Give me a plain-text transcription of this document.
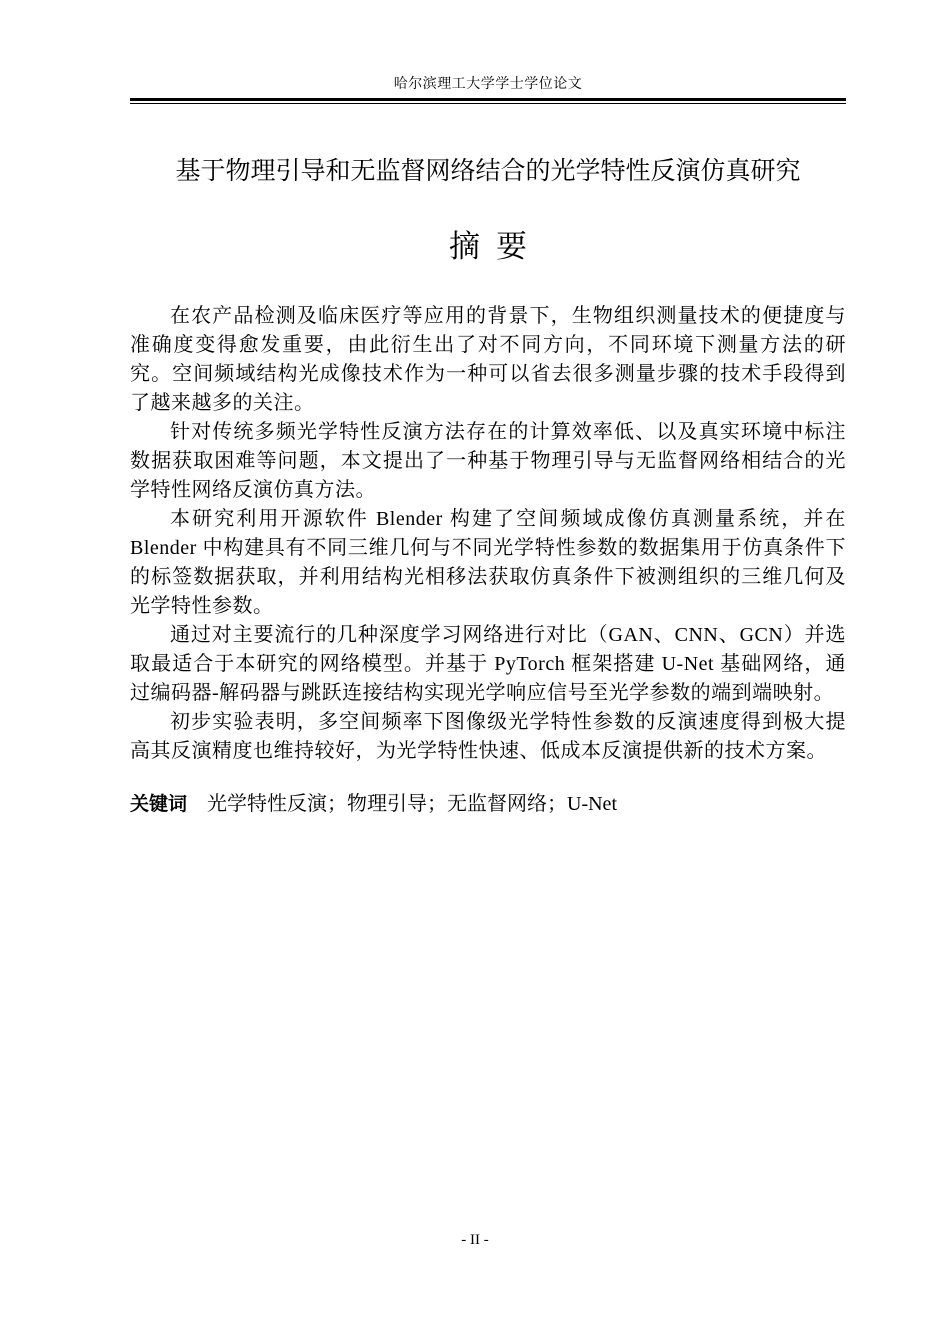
哈尔滨理工大学学士学位论文
基于物理引导和无监督网络结合的光学特性反演仿真研究
摘要

在农产品检测及临床医疗等应用的背景下，生物组织测量技术的便捷度与准确度变得愈发重要，由此衍生出了对不同方向，不同环境下测量方法的研究。空间频域结构光成像技术作为一种可以省去很多测量步骤的技术手段得到了越来越多的关注。

针对传统多频光学特性反演方法存在的计算效率低、以及真实环境中标注数据获取困难等问题，本文提出了一种基于物理引导与无监督网络相结合的光学特性网络反演仿真方法。

本研究利用开源软件 Blender 构建了空间频域成像仿真测量系统，并在 Blender 中构建具有不同三维几何与不同光学特性参数的数据集用于仿真条件下的标签数据获取，并利用结构光相移法获取仿真条件下被测组织的三维几何及光学特性参数。

通过对主要流行的几种深度学习网络进行对比（GAN、CNN、GCN）并选取最适合于本研究的网络模型。并基于 PyTorch 框架搭建 U-Net 基础网络，通过编码器-解码器与跳跃连接结构实现光学响应信号至光学参数的端到端映射。

初步实验表明，多空间频率下图像级光学特性参数的反演速度得到极大提高其反演精度也维持较好，为光学特性快速、低成本反演提供新的技术方案。

关键词 光学特性反演；物理引导；无监督网络；U-Net
- II -
